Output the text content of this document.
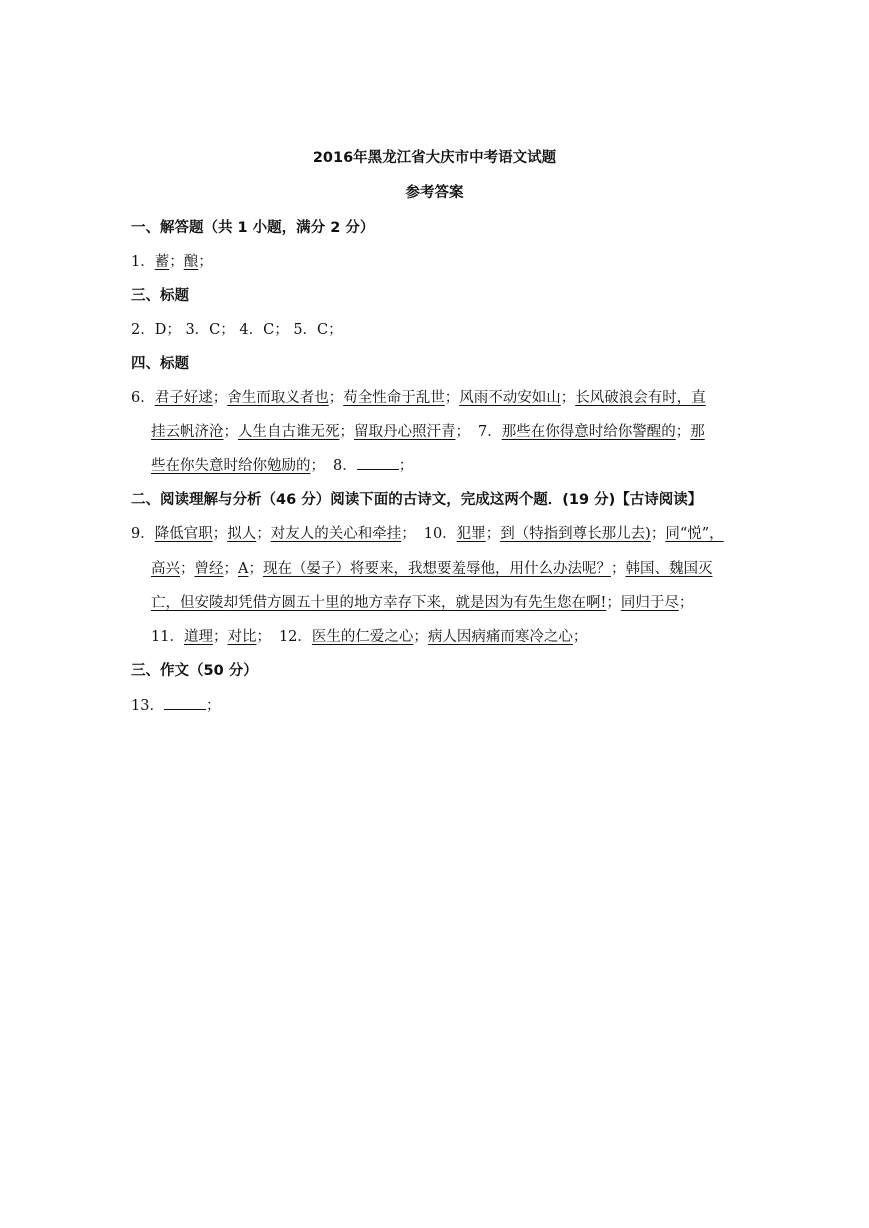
2016年黑龙江省大庆市中考语文试题
参考答案
一、解答题（共 1 小题，满分 2 分）
1．蓄；酿；
三、标题
2．D； 3．C； 4．C； 5．C；
四、标题
6．君子好逑；舍生而取义者也；苟全性命于乱世；风雨不动安如山；长风破浪会有时，直
挂云帆济沧；人生自古谁无死；留取丹心照汗青； 7．那些在你得意时给你警醒的；那
些在你失意时给你勉励的； 8．	；
二、阅读理解与分析（46 分）阅读下面的古诗文，完成这两个题．(19 分)【古诗阅读】
9．降低官职；拟人；对友人的关心和牵挂； 10．犯罪；到（特指到尊长那儿去)；同“悦”，
高兴；曾经；A；现在（晏子）将要来，我想要羞辱他，用什么办法呢？；韩国、魏国灭
亡，但安陵却凭借方圆五十里的地方幸存下来，就是因为有先生您在啊!；同归于尽；
11．道理；对比； 12．医生的仁爱之心；病人因病痛而寒冷之心；
三、作文（50 分）
13．	；
